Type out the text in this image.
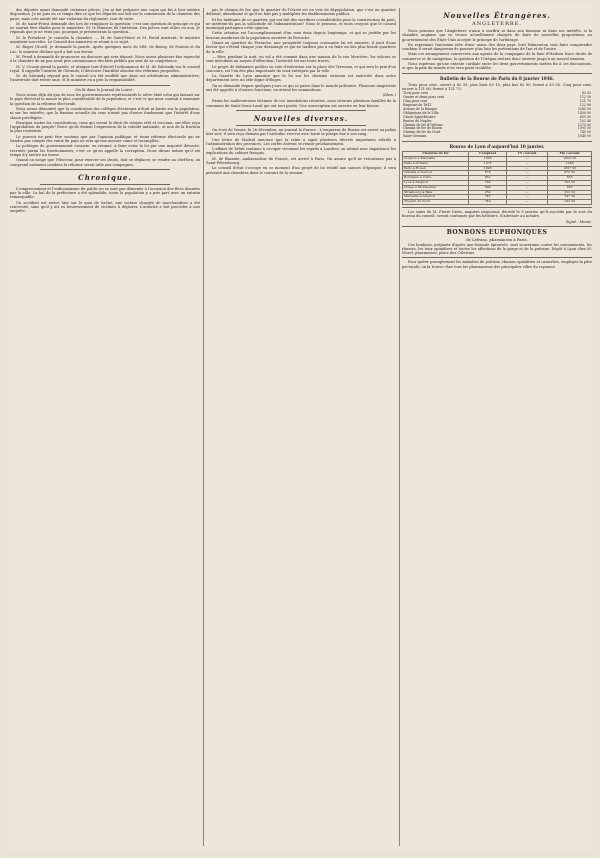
des députés ayant demandé certaines pièces, j'en ai fait préparer une copie qui fut à leur entière disposition. Je ne puis en ce temps dire ce que les députés ont fait sur la commission de la chambre des pairs; mais cela aurait été une violation du règlement, tout de suite.

M. de Saint-Priest demande des lors de remplacer la question; c'est une question de principe et qui ne saurait être éludée pour le ministère. M. le Ministre de l'intérieur. Des pièces sont utiles ou non. Je réponds que je ne veux pas, pourquoi je présenterais la question...

M. le Président. Je consulte la chambre. — M. de Saint-Priest et M. Persil insistent; le ministre maintient son refus. Le Conseil des ministres se réunit à ce sujet.

M. Roger (Nord). Je demande la parole. Après quelques mots de MM. de Boissy, de Pontois et du Lac, le ministre déclare qu'il a fait son devoir.

M. Persil a demandé de prononcer un discours qui sera déposé. Nous avons plusieurs fois reproché à la chambre de ne pas avoir pris connaissance des faits publics qui sont de sa compétence.

M. V. Cousin prend la parole, et attaque tout d'abord l'ordonnance de M. de Salvandy sur le conseil royal. Il rappelle l'institut de Gérando; il découvre l'inutilité absolue des réformes proposées.

M. de Salvandy répond que le conseil n'a été modifié que dans ses attributions administratives; l'université doit rester unie, et le ministre en a pris la responsabilité.

On lit dans le Journal du Loiret :

Nous avons déjà dit que de tous les gouvernements représentatifs le nôtre était celui qui laissait sur le pays électoral la masse la plus considérable de la population, et c'est ce qui nous conduit à examiner la question de la réforme électorale.

Nous avons démontré que la constitution des collèges électoraux n'était ni basée sur la population, ni sur les intérêts; que la fixation actuelle du cens n'avait pas d'autre fondement que l'intérêt d'une classe privilégiée.

Pourquoi toutes les constitutions, ceux qui voient le droit de citoyen réel et reconnu, ont-elles reçu l'approbation du peuple? Parce qu'ils étaient l'expression de la volonté nationale, et non de la fraction la plus restreinte.

Le pouvoir ne peut être soutenu que par l'opinion publique, et toute réforme électorale qui ne tiendra pas compte des vœux du pays ne sera qu'une mesure vaine et incomplète.

La politique du gouvernement consiste, en résumé, à faire voter la loi par une majorité dévouée, recrutée parmi les fonctionnaires; c'est ce qu'on appelle la corruption. Nous dirons même qu'il est temps d'y mettre un terme.

Quand on songe que l'électeur, pour exercer ses droits, doit se déplacer, se rendre au chef-lieu, on comprend aisément combien la réforme serait utile aux campagnes.

Chronique.

L'empressement et l'enthousiasme du public ne se sont pas démentis à l'occasion des fêtes données par la ville. Le bal de la préfecture a été splendide; toute la population y a pris part avec un entrain remarquable.

Un accident est arrivé hier sur le quai de Saône; une voiture chargée de marchandises a été renversée, sans qu'il y ait eu heureusement de victimes à déplorer. L'autorité a fait procéder à une enquête.

par le chemin de fer, que le quartier de l'Ouest est en voie de dépopulation, que c'est un quartier délaissé, abandonné et qu'il ne faut pas y multiplier les établissements publics.

Et les habitants de ce quartier, qui ont fait des sacrifices considérables pour la construction du pont, ne méritent-ils pas la sollicitude de l'administration? Nous le pensons, et nous croyons que le conseil municipal partagera cette opinion.

Cette création est l'accomplissement d'un vœu émis depuis longtemps, et qui se justifie par les besoins nombreux de la population ouvrière de Perrache.

Quant au quartier de Perrache, une prospérité toujours croissante lui est assurée; il jouit d'une faveur qui s'étend chaque jour davantage et qui ne tardera pas à en faire un des plus beaux quartiers de la ville.

— Hier, pendant la nuit, un vol a été commis dans une maison de la rue Mercière; les voleurs se sont introduits au moyen d'effraction; l'autorité est sur leurs traces.

Le projet de bâtiments publics en voie d'exécution sur la place des Terreaux, et qui sera le prix d'un concours, est l'un des plus importants de ceux entrepris par la ville.

La Gazette de Lyon annonce que la loi sur les chemins vicinaux est exécutée dans notre département avec un zèle digne d'éloges.

On se demande depuis quelques jours ce qui se passe dans le monde judiciaire. Plusieurs magistrats ont été appelés à d'autres fonctions; on attend les nominations.

(Idem.)

Parmi les malheureuses victimes de ces inondations récentes, nous citerons plusieurs familles de la commune de Saint-Genis-Laval qui ont tout perdu. Une souscription est ouverte en leur faveur.

Nouvelles diverses.

On écrit de Venise, le 26 décembre, au journal la France : L'empereur de Russie est arrivé au palais hier soir; il sera reçu demain par l'archiduc vice-roi avec toute la pompe due à son rang.

Une lettre de Madrid annonce que la reine a signé plusieurs décrets importants relatifs à l'administration des provinces. Les cortès doivent se réunir prochainement.

L'affaire de Tahiti continue à occuper vivement les esprits à Londres; on attend avec impatience les explications du cabinet français.

M. de Barante, ambassadeur de France, est arrivé à Paris. On assure qu'il ne retournera pas à Saint-Pétersbourg.

Le conseil d'état s'occupe en ce moment d'un projet de loi relatif aux caisses d'épargne; il sera présenté aux chambres dans le courant de la session.

Nouvelles Étrangères.
ANGLETERRE.

Nous pensons que l'Angleterre n'aura à souffrir ni dans son honneur ni dans ses intérêts, si la chambre anglaise qui se trouve actuellement chargée de faire de nouvelles propositions au gouvernement des États-Unis accepte le principe de l'arbitrage.

En reprenant l'ancienne idée d'une union des deux pays, lord Palmerston veut faire comprendre combien il serait dangereux de pousser plus loin les prétentions de l'un et de l'autre.

Mais cet arrangement conservera aux agents de la compagnie de la baie d'Hudson leurs droits de commerce et de navigation; la question de l'Orégon restera donc ouverte jusqu'à un nouvel examen.

Nous espérons qu'une entente cordiale entre les deux gouvernements mettra fin à ces discussions, et que la paix du monde n'en sera point troublée.

Bulletin de la Bourse de Paris du 8 janvier 1846.

Trois pour cent, ouvert à 82 95, plus haut 83 10, plus bas 82 90, fermé à 83 05. Cinq pour cent, ouvert à 121 60, fermé à 121 75.

Trois pour cent	83 05
Quatre et demi pour cent	112 50
Cinq pour cent	121 75
Emprunt de 1841	122 00
Actions de la Banque	3265 00
Obligations de la Ville	1430 00
Caisse hypothécaire	655 00
Rentes de Naples	102 40
Chemin de fer d'Orléans	1275 00
Chemin de fer de Rouen	1095 00
Chemin de fer du Nord	740 00
Saint-Germain	1045 00
Bourse de Lyon d'aujourd'hui 10 janvier.
Chemins de fer	Comptant	15 courant	Fin courant
Avignon à Marseille	1000	—	1002 50
Paris à Orléans	1275	—	1280
Paris à Rouen	1095	—	1097 50
Orléans à Vierzon	670	—	672 50
Bordeaux à Cette	652	—	655
Lyon à Avignon	760	—	762 50
Nîmes à Montpellier	690	—	692
Strasbourg à Bâle	250	—	252 50
Marseille à Avignon	745	—	747 50
Chemin du Nord	740	—	742 50

Les soins de M. Pierre Dizès, naguère négociant, décédé le 9 janvier, qu'il succède par la voie du bureau du conseil, seront continués par les héritiers. S'adresser au notaire.

Signé : Murat.
BONBONS EUPHONIQUES
de Lefranc, pharmacien à Paris.

Ces bonbons, préparés d'après une formule éprouvée, sont souverains contre les enrouements, les rhumes, les toux opiniâtres et toutes les affections de la gorge et de la poitrine. Dépôt à Lyon chez M. Morel, pharmacien, place des Célestins.

Pour guérir promptement les maladies de poitrine, rhumes opiniâtres et catarrhes, employez la pâte pectorale; on la trouve chez tous les pharmaciens des principales villes du royaume.
